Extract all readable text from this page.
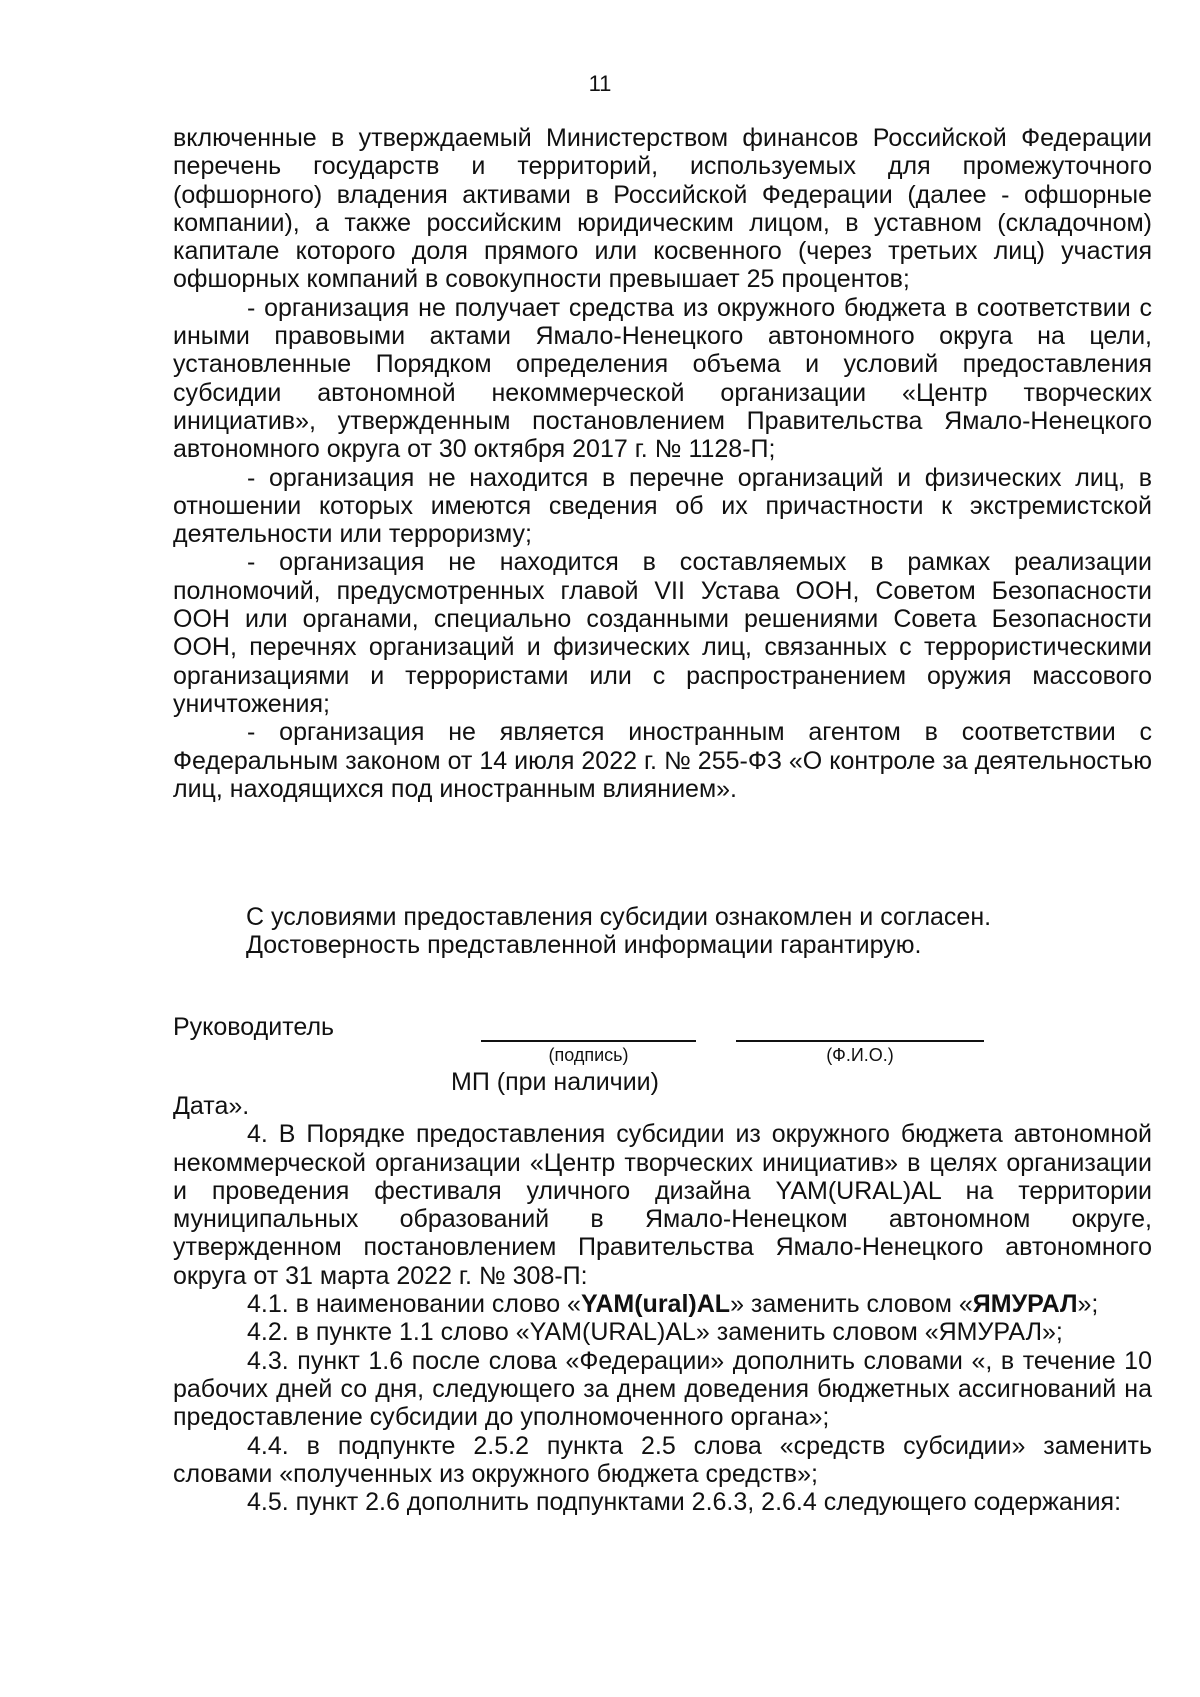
11

включенные в утверждаемый Министерством финансов Российской Федерации перечень государств и территорий, используемых для промежуточного (офшорного) владения активами в Российской Федерации (далее - офшорные компании), а также российским юридическим лицом, в уставном (складочном) капитале которого доля прямого или косвенного (через третьих лиц) участия офшорных компаний в совокупности превышает 25 процентов;

- организация не получает средства из окружного бюджета в соответствии с иными правовыми актами Ямало-Ненецкого автономного округа на цели, установленные Порядком определения объема и условий предоставления субсидии автономной некоммерческой организации «Центр творческих инициатив», утвержденным постановлением Правительства Ямало-Ненецкого автономного округа от 30 октября 2017 г. № 1128-П;

- организация не находится в перечне организаций и физических лиц, в отношении которых имеются сведения об их причастности к экстремистской деятельности или терроризму;

- организация не находится в составляемых в рамках реализации полномочий, предусмотренных главой VII Устава ООН, Советом Безопасности ООН или органами, специально созданными решениями Совета Безопасности ООН, перечнях организаций и физических лиц, связанных с террористическими организациями и террористами или с распространением оружия массового уничтожения;

- организация не является иностранным агентом в соответствии с Федеральным законом от 14 июля 2022 г. № 255-ФЗ «О контроле за деятельностью лиц, находящихся под иностранным влиянием».

С условиями предоставления субсидии ознакомлен и согласен.

Достоверность представленной информации гарантирую.

Руководитель
(подпись)	(Ф.И.О.)
МП (при наличии)

Дата».

4. В Порядке предоставления субсидии из окружного бюджета автономной некоммерческой организации «Центр творческих инициатив» в целях организации и проведения фестиваля уличного дизайна YAM(URAL)AL на территории муниципальных образований в Ямало-Ненецком автономном округе, утвержденном постановлением Правительства Ямало-Ненецкого автономного округа от 31 марта 2022 г. № 308-П:

4.1. в наименовании слово «YAM(ural)AL» заменить словом «ЯМУРАЛ»;

4.2. в пункте 1.1 слово «YAM(URAL)AL» заменить словом «ЯМУРАЛ»;

4.3. пункт 1.6 после слова «Федерации» дополнить словами «, в течение 10 рабочих дней со дня, следующего за днем доведения бюджетных ассигнований на предоставление субсидии до уполномоченного органа»;

4.4. в подпункте 2.5.2 пункта 2.5 слова «средств субсидии» заменить словами «полученных из окружного бюджета средств»;

4.5. пункт 2.6 дополнить подпунктами 2.6.3, 2.6.4 следующего содержания:
